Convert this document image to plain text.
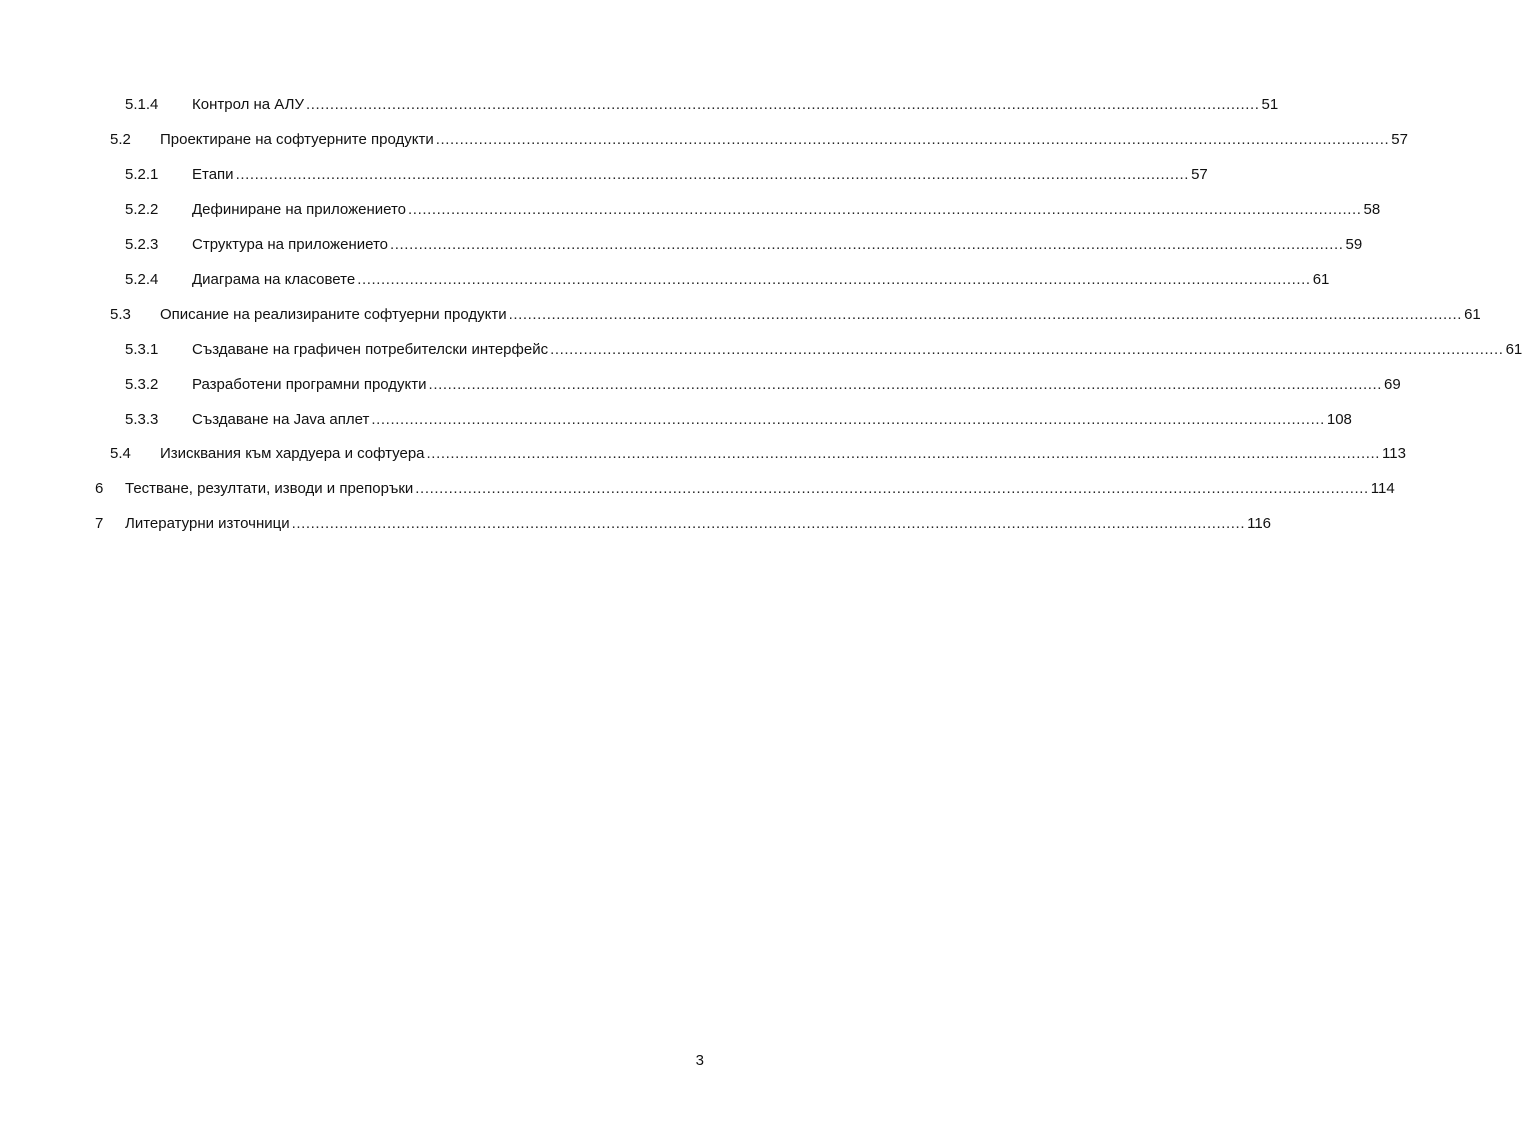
5.1.4 Контрол на АЛУ ........................................................................................................................................................................................................ 51
5.2 Проектиране на софтуерните продукти ........................................................................................................................................................................................................ 57
5.2.1 Етапи ........................................................................................................................................................................................................ 57
5.2.2 Дефиниране на приложението ........................................................................................................................................................................................................ 58
5.2.3 Структура на приложението ........................................................................................................................................................................................................ 59
5.2.4 Диаграма на класовете ........................................................................................................................................................................................................ 61
5.3 Описание на реализираните софтуерни продукти ........................................................................................................................................................................................................ 61
5.3.1 Създаване на графичен потребителски интерфейс ........................................................................................................................................................................................................ 61
5.3.2 Разработени програмни продукти ........................................................................................................................................................................................................ 69
5.3.3 Създаване на Java аплет ........................................................................................................................................................................................................ 108
5.4 Изисквания към хардуера и софтуера ........................................................................................................................................................................................................ 113
6 Тестване, резултати, изводи и препоръки ........................................................................................................................................................................................................ 114
7 Литературни източници ........................................................................................................................................................................................................ 116
3
